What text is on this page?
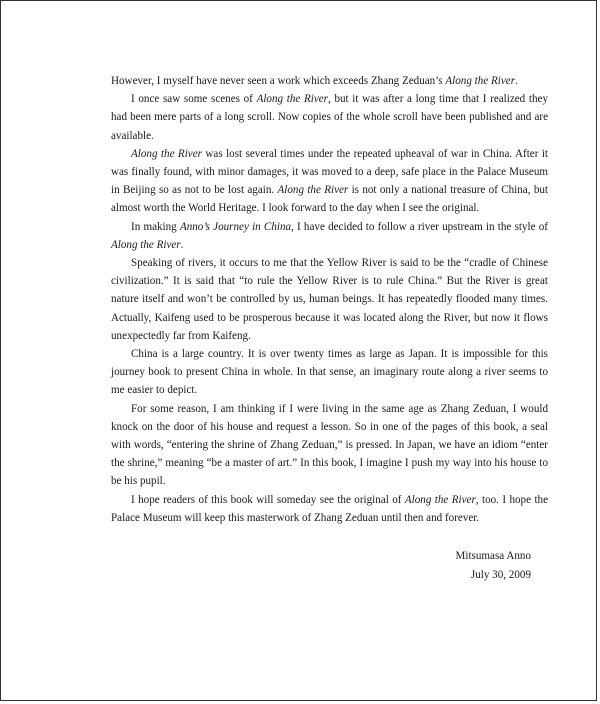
However, I myself have never seen a work which exceeds Zhang Zeduan’s Along the River.

I once saw some scenes of Along the River, but it was after a long time that I realized they had been mere parts of a long scroll. Now copies of the whole scroll have been published and are available.

Along the River was lost several times under the repeated upheaval of war in China. After it was finally found, with minor damages, it was moved to a deep, safe place in the Palace Museum in Beijing so as not to be lost again. Along the River is not only a national treasure of China, but almost worth the World Heritage. I look forward to the day when I see the original.

In making Anno’s Journey in China, I have decided to follow a river upstream in the style of Along the River.

Speaking of rivers, it occurs to me that the Yellow River is said to be the “cradle of Chinese civilization.” It is said that “to rule the Yellow River is to rule China.” But the River is great nature itself and won’t be controlled by us, human beings. It has repeatedly flooded many times. Actually, Kaifeng used to be prosperous because it was located along the River, but now it flows unexpectedly far from Kaifeng.

China is a large country. It is over twenty times as large as Japan. It is impossible for this journey book to present China in whole. In that sense, an imaginary route along a river seems to me easier to depict.

For some reason, I am thinking if I were living in the same age as Zhang Zeduan, I would knock on the door of his house and request a lesson. So in one of the pages of this book, a seal with words, “entering the shrine of Zhang Zeduan,” is pressed. In Japan, we have an idiom “enter the shrine,” meaning “be a master of art.” In this book, I imagine I push my way into his house to be his pupil.

I hope readers of this book will someday see the original of Along the River, too. I hope the Palace Museum will keep this masterwork of Zhang Zeduan until then and forever.

Mitsumasa Anno
July 30, 2009
